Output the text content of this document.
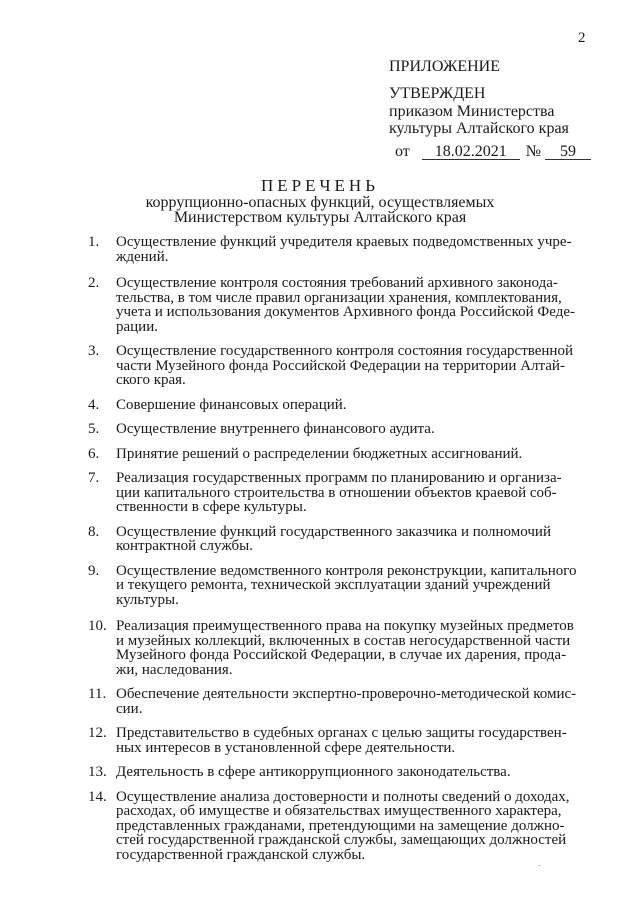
2
ПРИЛОЖЕНИЕ
УТВЕРЖДЕН
приказом Министерства
культуры Алтайского края
от	18.02.2021	№	59
ПЕРЕЧЕНЬ
коррупционно-опасных функций, осуществляемых
Министерством культуры Алтайского края
1.	Осуществление функций учредителя краевых подведомственных учре-
ждений.
2.	Осуществление контроля состояния требований архивного законода-
тельства, в том числе правил организации хранения, комплектования,
учета и использования документов Архивного фонда Российской Феде-
рации.
3.	Осуществление государственного контроля состояния государственной
части Музейного фонда Российской Федерации на территории Алтай-
ского края.
4.	Совершение финансовых операций.
5.	Осуществление внутреннего финансового аудита.
6.	Принятие решений о распределении бюджетных ассигнований.
7.	Реализация государственных программ по планированию и организа-
ции капитального строительства в отношении объектов краевой соб-
ственности в сфере культуры.
8.	Осуществление функций государственного заказчика и полномочий
контрактной службы.
9.	Осуществление ведомственного контроля реконструкции, капитального
и текущего ремонта, технической эксплуатации зданий учреждений
культуры.
10. Реализация преимущественного права на покупку музейных предметов
и музейных коллекций, включенных в состав негосударственной части
Музейного фонда Российской Федерации, в случае их дарения, прода-
жи, наследования.
11. Обеспечение деятельности экспертно-проверочно-методической комис-
сии.
12. Представительство в судебных органах с целью защиты государствен-
ных интересов в установленной сфере деятельности.
13. Деятельность в сфере антикоррупционного законодательства.
14. Осуществление анализа достоверности и полноты сведений о доходах,
расходах, об имуществе и обязательствах имущественного характера,
представленных гражданами, претендующими на замещение должно-
стей государственной гражданской службы, замещающих должностей
государственной гражданской службы.
.
